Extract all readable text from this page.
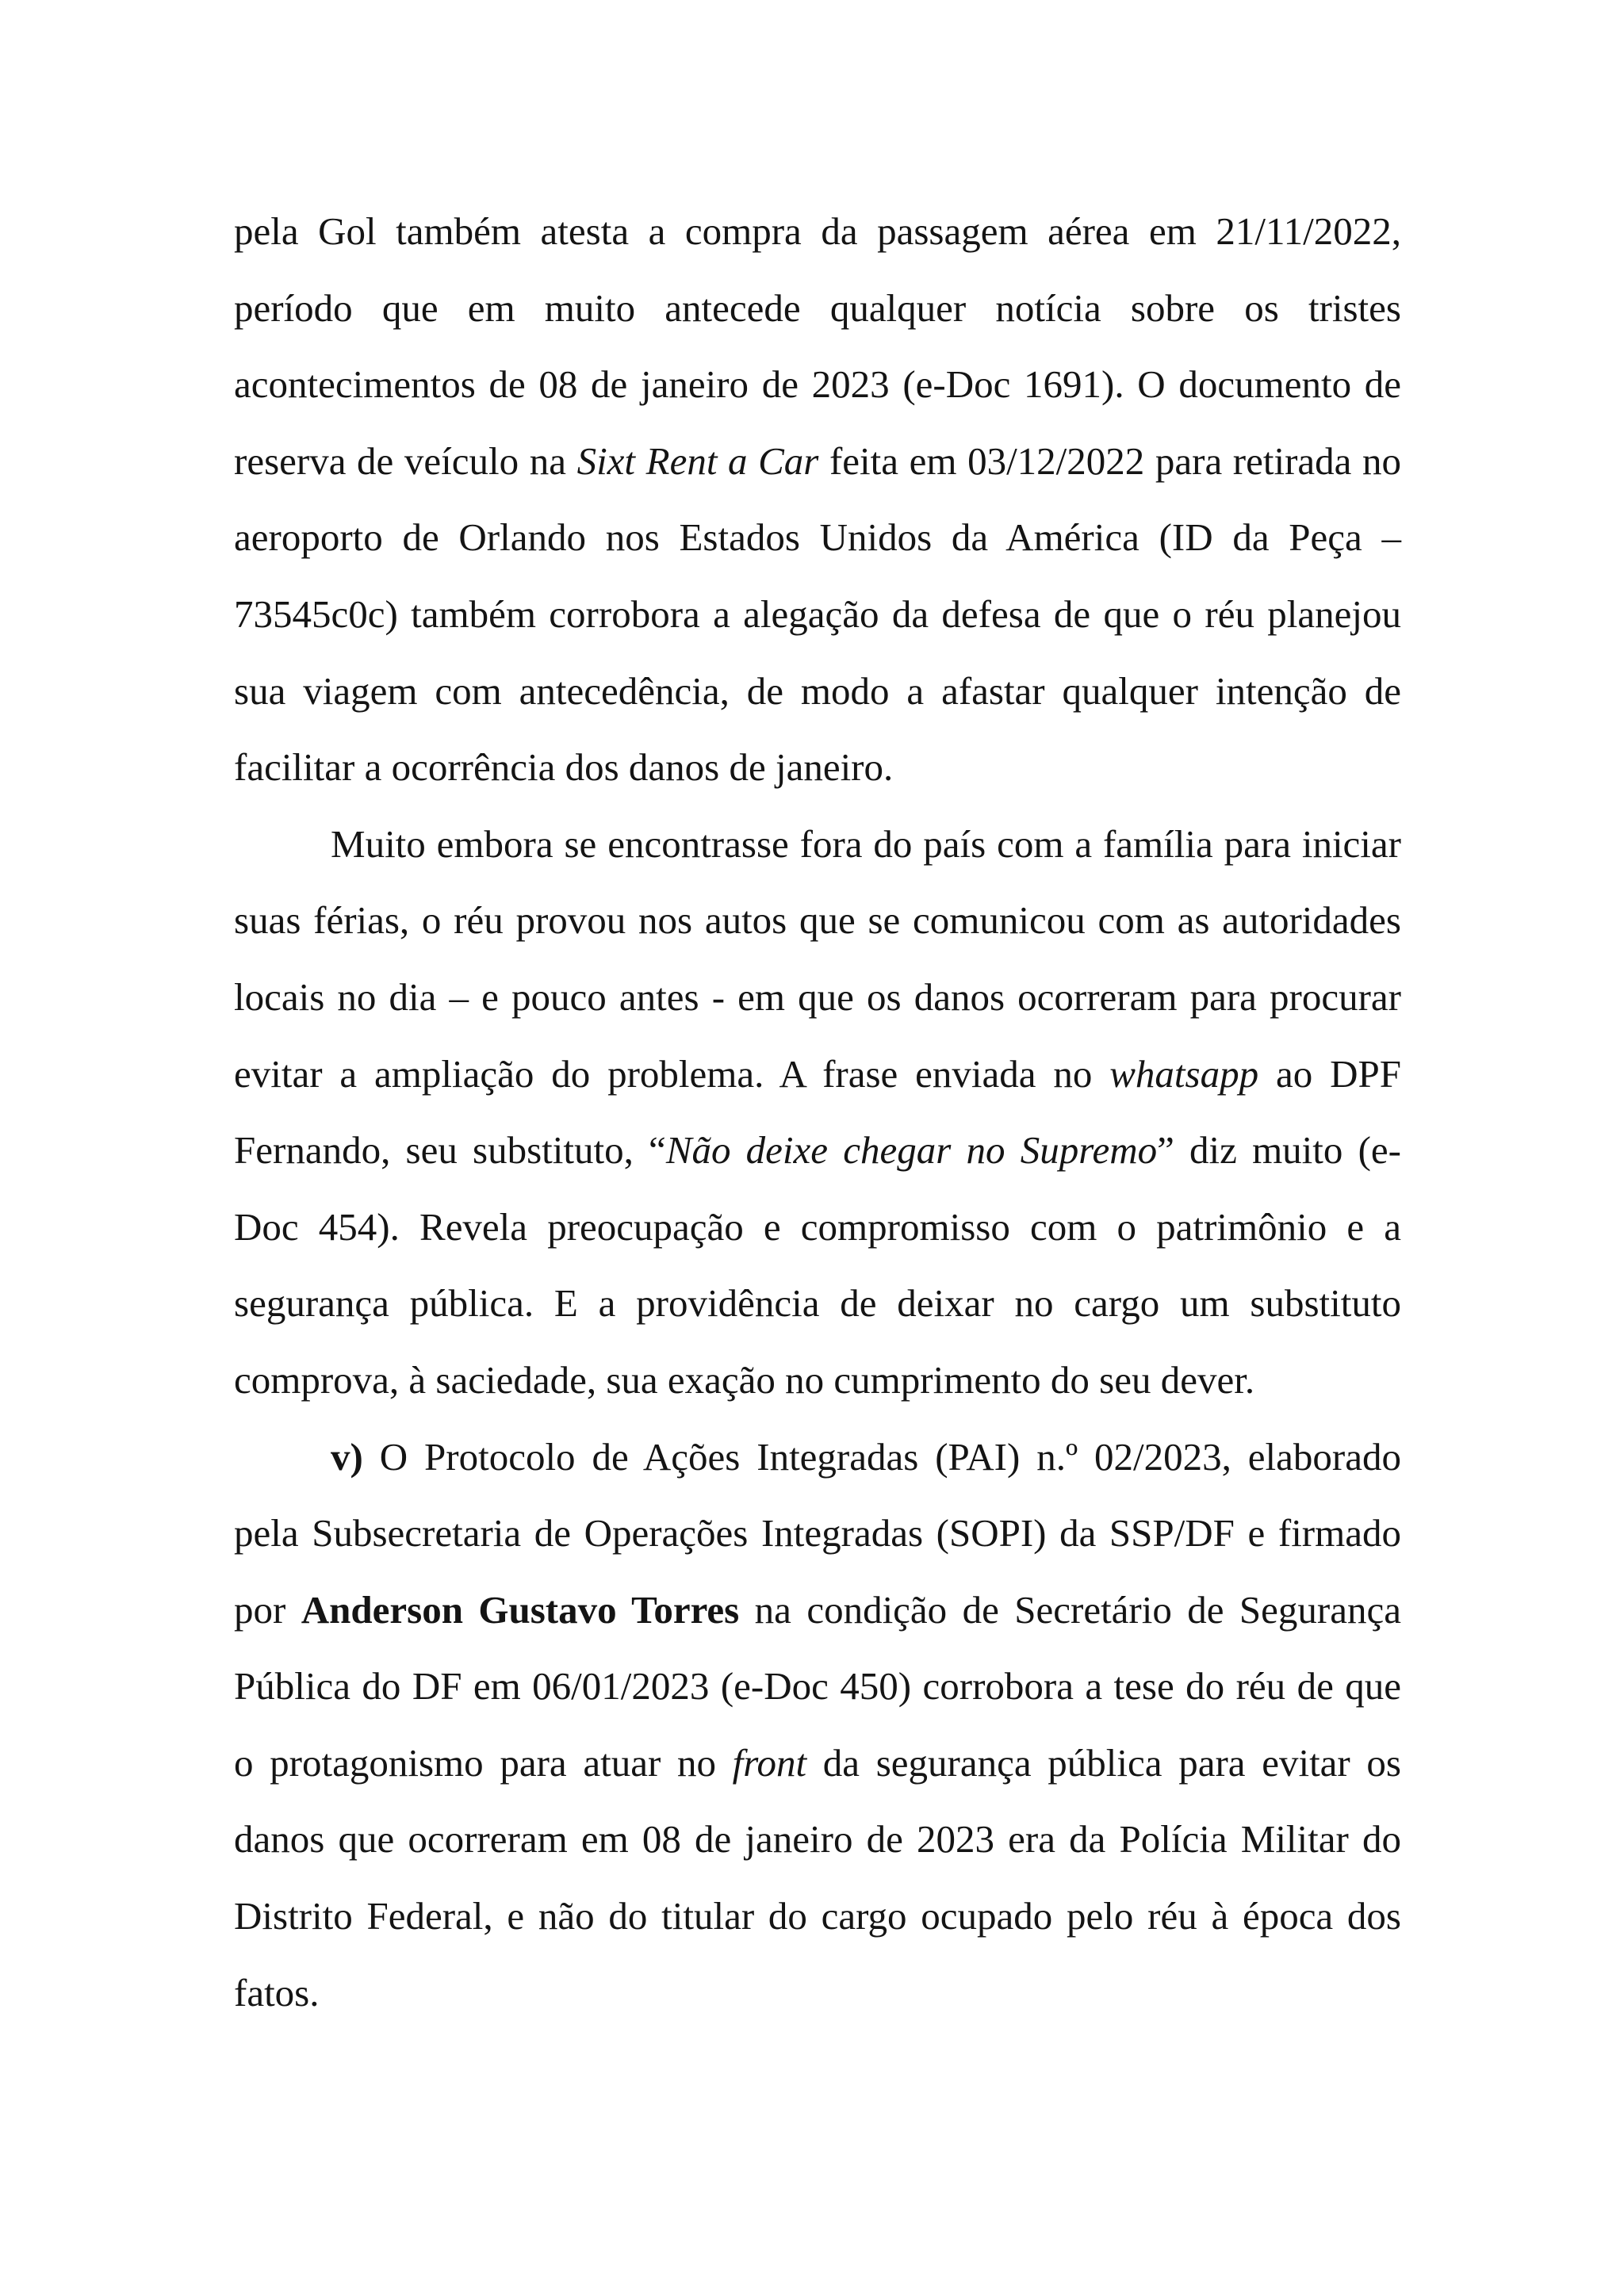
pela Gol também atesta a compra da passagem aérea em 21/11/2022, período que em muito antecede qualquer notícia sobre os tristes acontecimentos de 08 de janeiro de 2023 (e-Doc 1691). O documento de reserva de veículo na Sixt Rent a Car feita em 03/12/2022 para retirada no aeroporto de Orlando nos Estados Unidos da América (ID da Peça – 73545c0c) também corrobora a alegação da defesa de que o réu planejou sua viagem com antecedência, de modo a afastar qualquer intenção de facilitar a ocorrência dos danos de janeiro.

Muito embora se encontrasse fora do país com a família para iniciar suas férias, o réu provou nos autos que se comunicou com as autoridades locais no dia – e pouco antes - em que os danos ocorreram para procurar evitar a ampliação do problema. A frase enviada no whatsapp ao DPF Fernando, seu substituto, “Não deixe chegar no Supremo” diz muito (e-Doc 454). Revela preocupação e compromisso com o patrimônio e a segurança pública. E a providência de deixar no cargo um substituto comprova, à saciedade, sua exação no cumprimento do seu dever.

v) O Protocolo de Ações Integradas (PAI) n.º 02/2023, elaborado pela Subsecretaria de Operações Integradas (SOPI) da SSP/DF e firmado por Anderson Gustavo Torres na condição de Secretário de Segurança Pública do DF em 06/01/2023 (e-Doc 450) corrobora a tese do réu de que o protagonismo para atuar no front da segurança pública para evitar os danos que ocorreram em 08 de janeiro de 2023 era da Polícia Militar do Distrito Federal, e não do titular do cargo ocupado pelo réu à época dos fatos.
